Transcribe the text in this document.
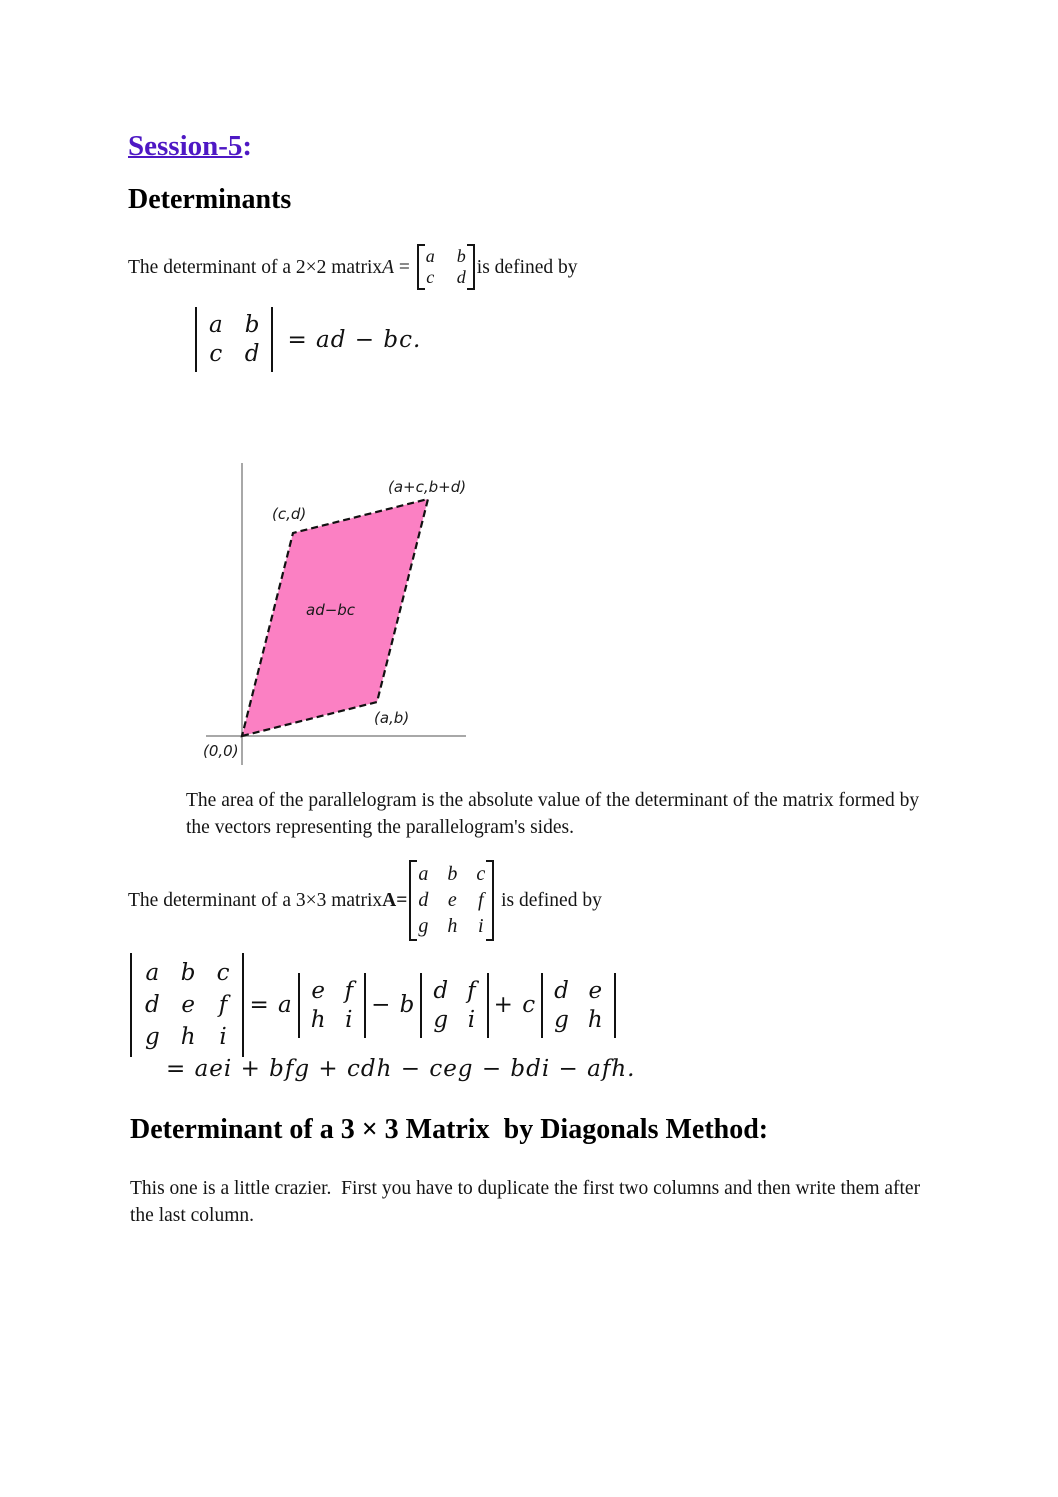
Session-5:
Determinants
The determinant of a 2×2 matrix A =
a b
c d is defined by
a b
c d
= ad − bc.
(a+c,b+d)
(c,d)
ad−bc
(a,b)
(0,0)
The area of the parallelogram is the absolute value of the determinant of the matrix formed by the vectors representing the parallelogram's sides.
The determinant of a 3×3 matrix A=
a b c
d e f
g h i
is defined by
a b c
d e f
g h i
= a
e f
h i
− b
d f
g i
+ c
d e
g h
= aei + bfg + cdh − ceg − bdi − afh.
Determinant of a 3 × 3 Matrix  by Diagonals Method:
This one is a little crazier.  First you have to duplicate the first two columns and then write them after the last column.
